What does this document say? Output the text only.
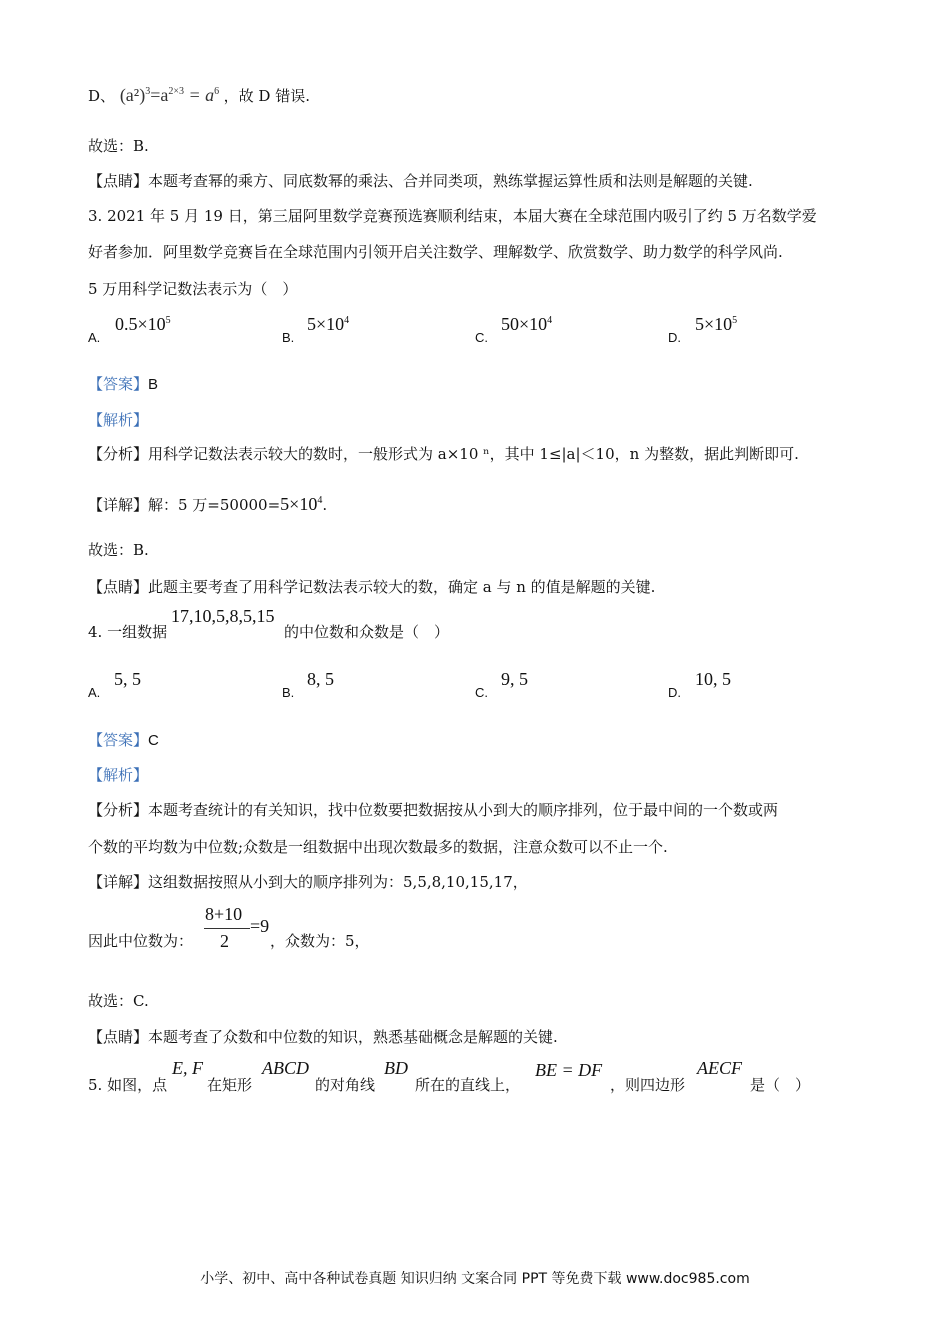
D、 $(a^2)^3=a^{2\times 3} = a^6$ ，故 D 错误.
故选：B.
【点睛】本题考查幂的乘方、同底数幂的乘法、合并同类项，熟练掌握运算性质和法则是解题的关键.
3. 2021 年 5 月 19 日，第三届阿里数学竞赛预选赛顺利结束，本届大赛在全球范围内吸引了约 5 万名数学爱
好者参加．阿里数学竞赛旨在全球范围内引领开启关注数学、理解数学、欣赏数学、助力数学的科学风尚.
5 万用科学记数法表示为（　）
A.
$0.5\times 10^5$
B.
$5\times 10^4$
C.
$50\times 10^4$
D.
$5\times 10^5$
【答案】B
【解析】
【分析】用科学记数法表示较大的数时，一般形式为 a×10 ⁿ，其中 1≤|a|＜10，n 为整数，据此判断即可.
【详解】解：5 万$=50000=5\times 10^4$.
故选：B.
【点睛】此题主要考查了用科学记数法表示较大的数，确定 a 与 n 的值是解题的关键.
4. 一组数据
17,10,5,8,5,15
的中位数和众数是（　）
A.
5, 5
B.
8, 5
C.
9, 5
D.
10, 5
【答案】C
【解析】
【分析】本题考查统计的有关知识，找中位数要把数据按从小到大的顺序排列，位于最中间的一个数或两
个数的平均数为中位数;众数是一组数据中出现次数最多的数据，注意众数可以不止一个.
【详解】这组数据按照从小到大的顺序排列为：5,5,8,10,15,17，
因此中位数为：
8+10
2
=9
，众数为：5，
故选：C.
【点睛】本题考查了众数和中位数的知识，熟悉基础概念是解题的关键.
5. 如图，点
E, F
在矩形
ABCD
的对角线
BD
所在的直线上，
BE = DF
，则四边形
AECF
是（　）
小学、初中、高中各种试卷真题 知识归纳 文案合同 PPT 等免费下载 www.doc985.com
